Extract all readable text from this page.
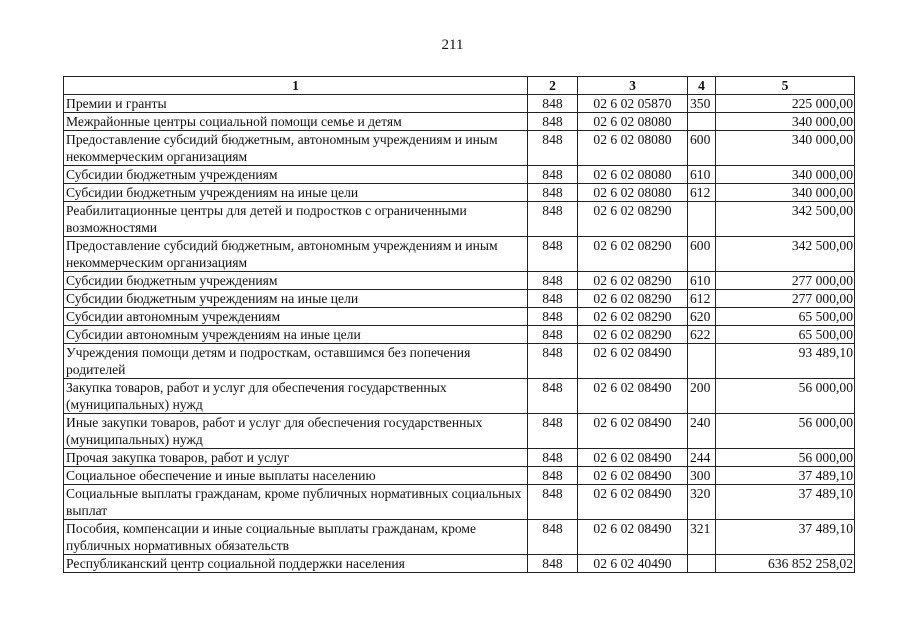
211
1	2	3	4	5
Премии и гранты	848	02 6 02 05870	350	225 000,00
Межрайонные центры социальной помощи семье и детям	848	02 6 02 08080		340 000,00
Предоставление субсидий бюджетным, автономным учреждениям и иным некоммерческим организациям	848	02 6 02 08080	600	340 000,00
Субсидии бюджетным учреждениям	848	02 6 02 08080	610	340 000,00
Субсидии бюджетным учреждениям на иные цели	848	02 6 02 08080	612	340 000,00
Реабилитационные центры для детей и подростков с ограниченными возможностями	848	02 6 02 08290		342 500,00
Предоставление субсидий бюджетным, автономным учреждениям и иным некоммерческим организациям	848	02 6 02 08290	600	342 500,00
Субсидии бюджетным учреждениям	848	02 6 02 08290	610	277 000,00
Субсидии бюджетным учреждениям на иные цели	848	02 6 02 08290	612	277 000,00
Субсидии автономным учреждениям	848	02 6 02 08290	620	65 500,00
Субсидии автономным учреждениям на иные цели	848	02 6 02 08290	622	65 500,00
Учреждения помощи детям и подросткам, оставшимся без попечения родителей	848	02 6 02 08490		93 489,10
Закупка товаров, работ и услуг для обеспечения государственных (муниципальных) нужд	848	02 6 02 08490	200	56 000,00
Иные закупки товаров, работ и услуг для обеспечения государственных (муниципальных) нужд	848	02 6 02 08490	240	56 000,00
Прочая закупка товаров, работ и услуг	848	02 6 02 08490	244	56 000,00
Социальное обеспечение и иные выплаты населению	848	02 6 02 08490	300	37 489,10
Социальные выплаты гражданам, кроме публичных нормативных социальных выплат	848	02 6 02 08490	320	37 489,10
Пособия, компенсации и иные социальные выплаты гражданам, кроме публичных нормативных обязательств	848	02 6 02 08490	321	37 489,10
Республиканский центр социальной поддержки населения	848	02 6 02 40490		636 852 258,02
